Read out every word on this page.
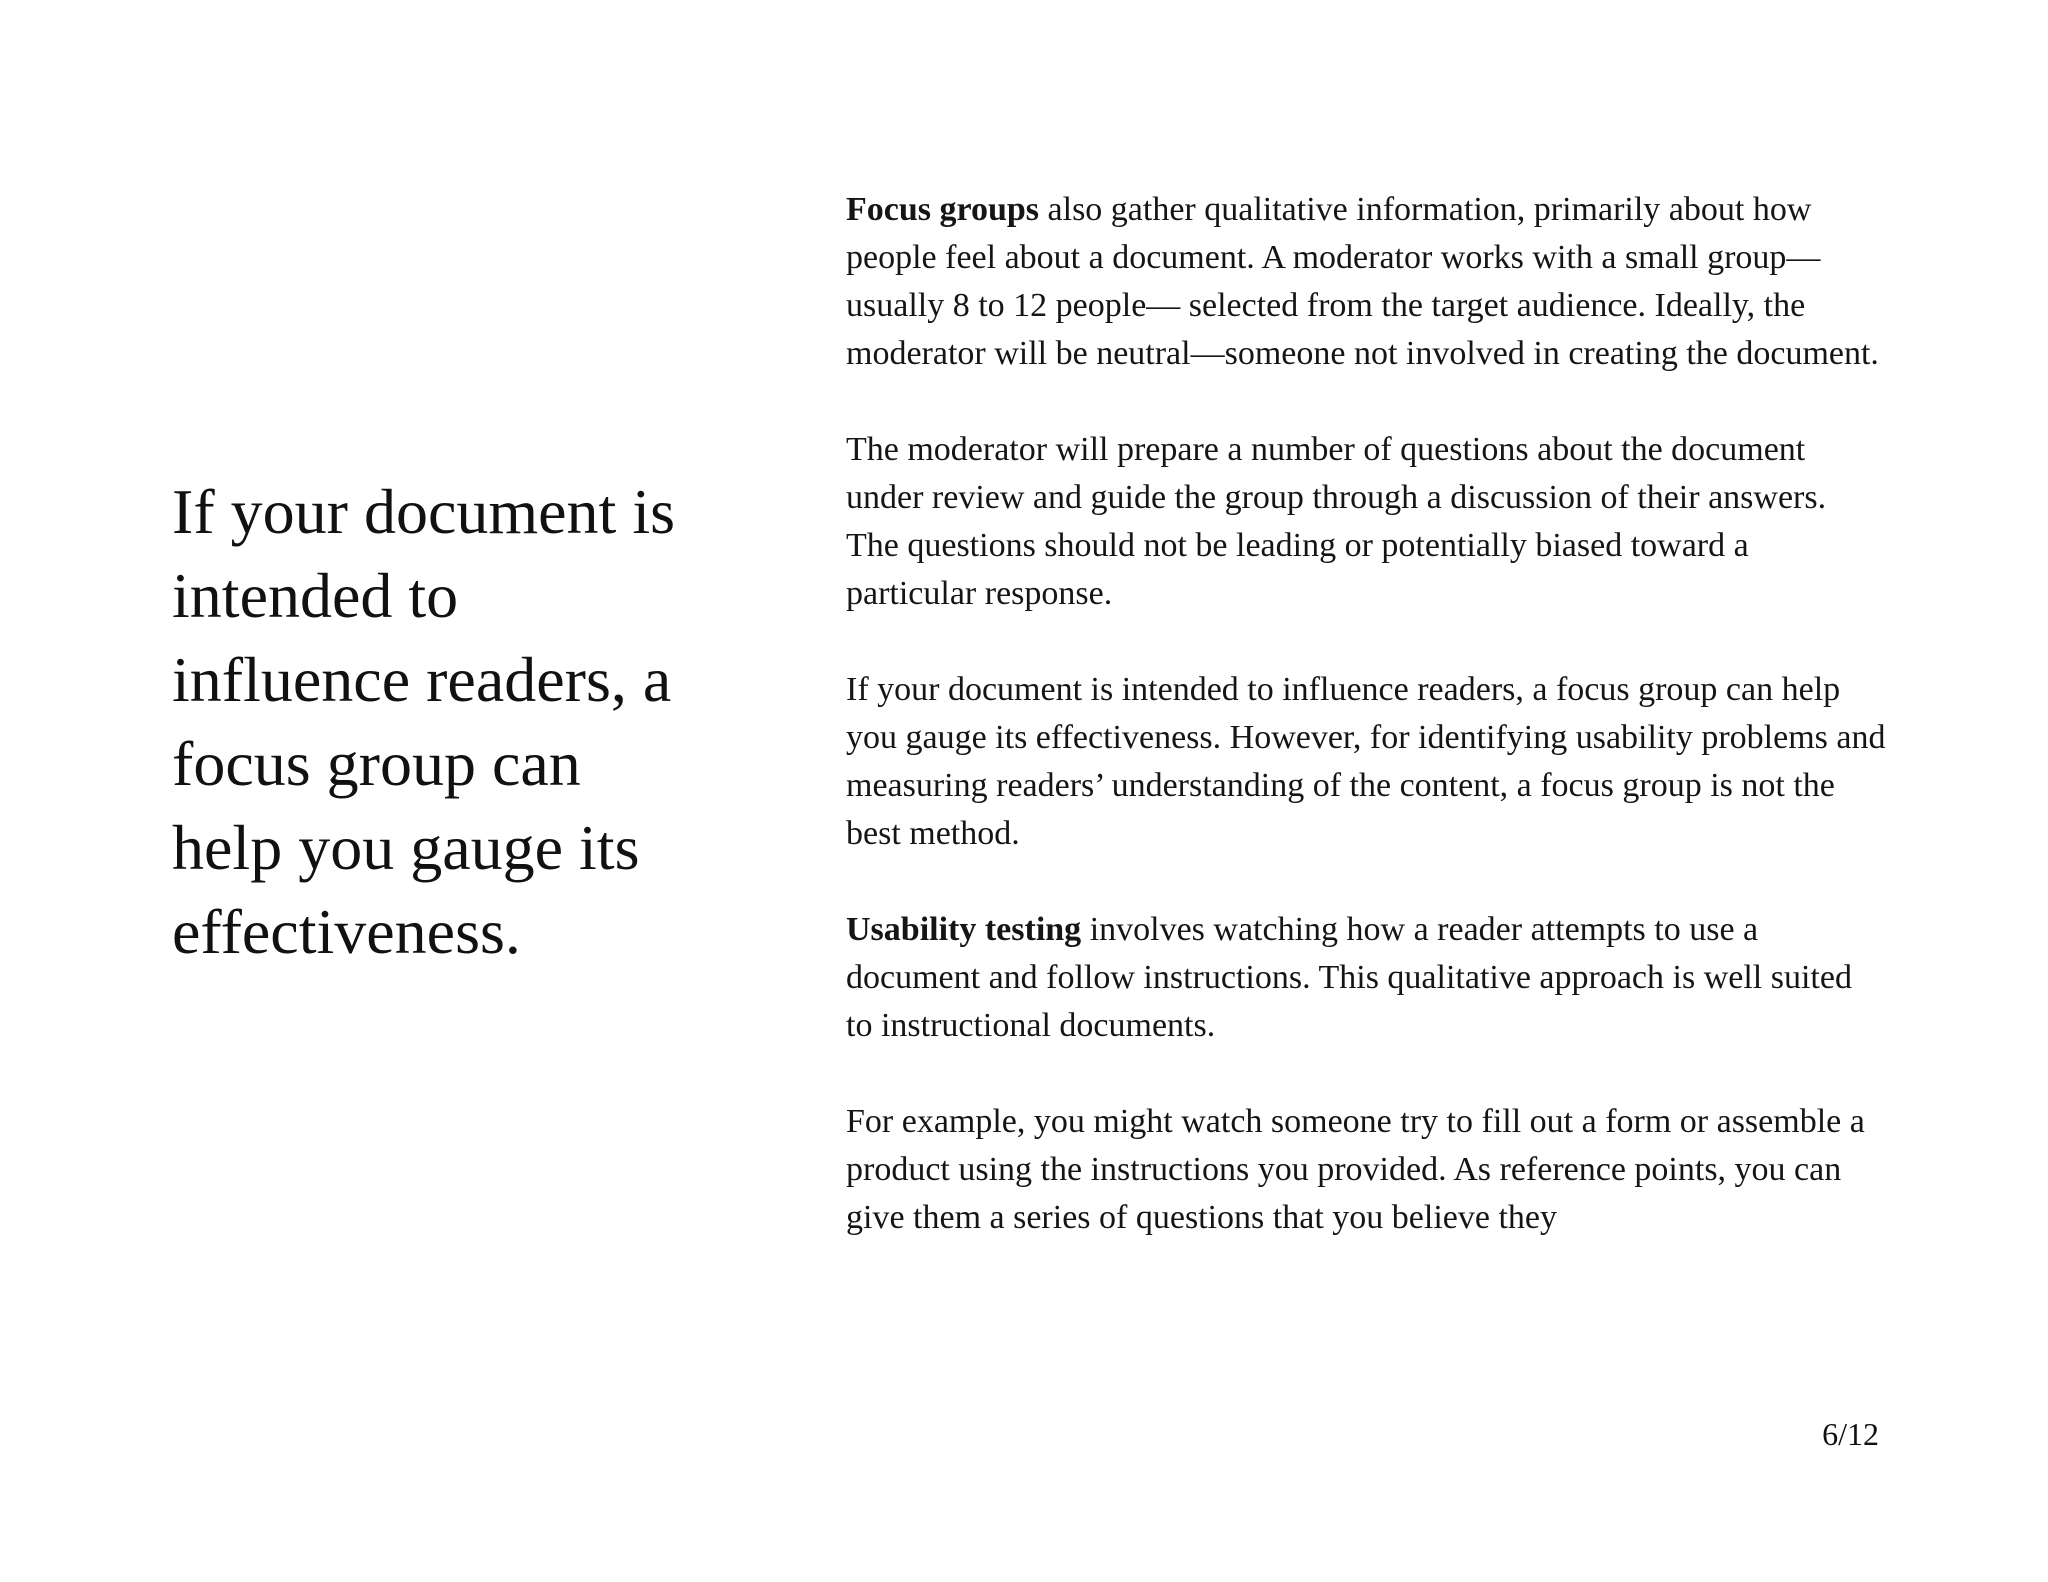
If your document is intended to influence readers, a focus group can help you gauge its effectiveness.

Focus groups also gather qualitative information, primarily about how people feel about a document. A moderator works with a small group—usually 8 to 12 people— selected from the target audience. Ideally, the moderator will be neutral—someone not involved in creating the document.

The moderator will prepare a number of questions about the document under review and guide the group through a discussion of their answers. The questions should not be leading or potentially biased toward a particular response.

If your document is intended to influence readers, a focus group can help you gauge its effectiveness. However, for identifying usability problems and measuring readers’ understanding of the content, a focus group is not the best method.

Usability testing involves watching how a reader attempts to use a document and follow instructions. This qualitative approach is well suited to instructional documents.

For example, you might watch someone try to fill out a form or assemble a product using the instructions you provided. As reference points, you can give them a series of questions that you believe they

6/12
